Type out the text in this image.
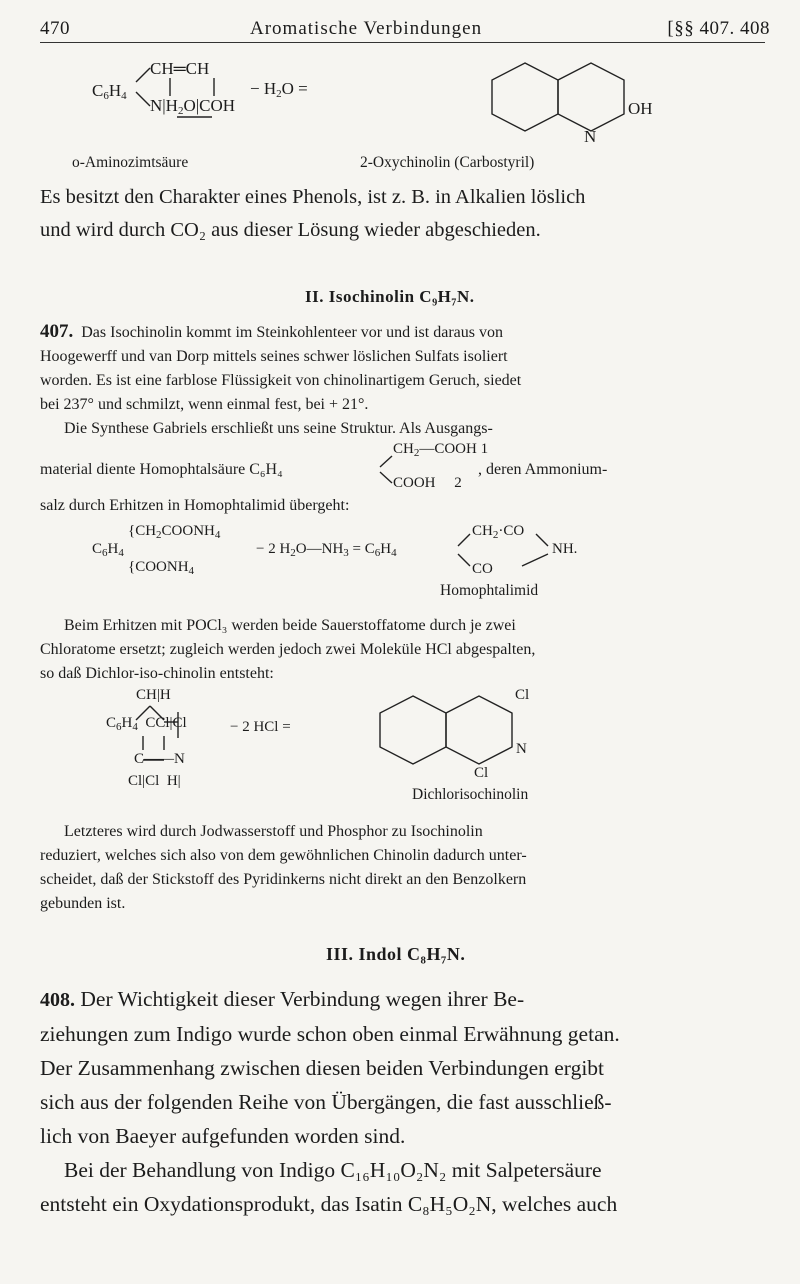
470	Aromatische Verbindungen	[§§ 407. 408
$C_6H_4$
CH═CH
$N|H_2O|COH$
− $H_2O$ =
OH

N
o-Aminozimtsäure	2-Oxychinolin (Carbostyril)
Es besitzt den Charakter eines Phenols, ist z. B. in Alkalien löslich
und wird durch CO₂ aus dieser Lösung wieder abgeschieden.
II. Isochinolin C₉H₇N.
407. Das Isochinolin kommt im Steinkohlenteer vor und ist daraus von
Hoogewerff und van Dorp mittels seines schwer löslichen Sulfats isoliert
worden. Es ist eine farblose Flüssigkeit von chinolinartigem Geruch, siedet
bei 237° und schmilzt, wenn einmal fest, bei + 21°.
Die Synthese Gabriels erschließt uns seine Struktur. Als Ausgangs-
$CH_2—COOH$ 1
material diente Homophtalsäure C₆H₄
COOH     2
, deren Ammonium-
salz durch Erhitzen in Homophtalimid übergeht:
$C_6H_4$
{$CH_2COONH_4$
{$COONH_4$
− 2 $H_2O—NH_3 = C_6H_4$
$CH_2\cdot CO$
NH.
CO
Homophtalimid
Beim Erhitzen mit POCl₃ werden beide Sauerstoffatome durch je zwei
Chloratome ersetzt; zugleich werden jedoch zwei Moleküle HCl abgespalten,
so daß Dichlor-iso-chinolin entsteht:
CH|H
$C_6H_4$  CCl|Cl	− 2 HCl =
C——N
Cl|Cl  H|
Cl
N
Cl
Dichlorisochinolin
Letzteres wird durch Jodwasserstoff und Phosphor zu Isochinolin
reduziert, welches sich also von dem gewöhnlichen Chinolin dadurch unter-
scheidet, daß der Stickstoff des Pyridinkerns nicht direkt an den Benzolkern
gebunden ist.
III. Indol C₈H₇N.
408. Der Wichtigkeit dieser Verbindung wegen ihrer Be-
ziehungen zum Indigo wurde schon oben einmal Erwähnung getan.
Der Zusammenhang zwischen diesen beiden Verbindungen ergibt
sich aus der folgenden Reihe von Übergängen, die fast ausschließ-
lich von Baeyer aufgefunden worden sind.
Bei der Behandlung von Indigo C₁₆H₁₀O₂N₂ mit Salpetersäure
entsteht ein Oxydationsprodukt, das Isatin C₈H₅O₂N, welches auch
